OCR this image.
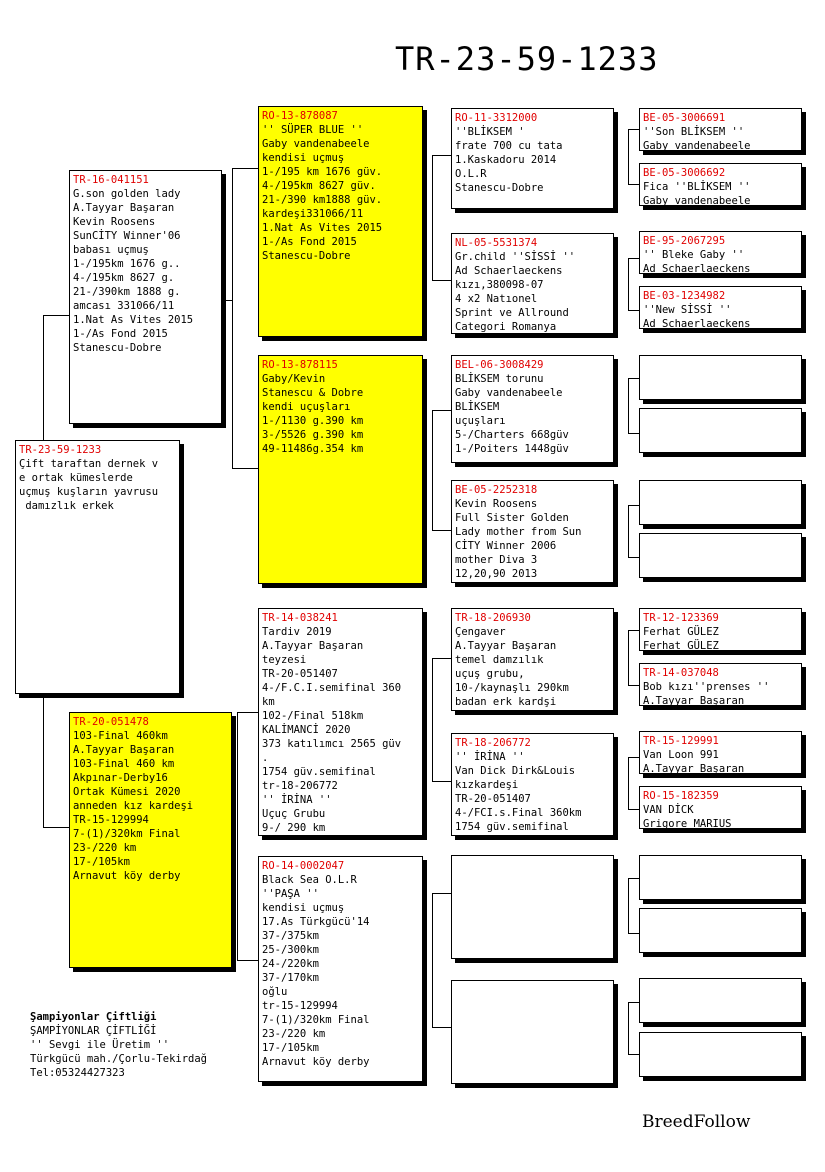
TR-23-59-1233
TR-23-59-1233
Çift taraftan dernek v
e ortak kümeslerde
uçmuş kuşların yavrusu
damızlık erkek
TR-16-041151
G.son golden lady
A.Tayyar Başaran
Kevin Roosens
SunCİTY Winner'06
babası uçmuş
1-/195km 1676 g..
4-/195km 8627 g.
21-/390km 1888 g.
amcası 331066/11
1.Nat As Vites 2015
1-/As Fond 2015
Stanescu-Dobre
TR-20-051478
103-Final 460km
A.Tayyar Başaran
103-Final 460 km
Akpınar-Derby16
Ortak Kümesi 2020
anneden kız kardeşi
TR-15-129994
7-(1)/320km Final
23-/220 km
17-/105km
Arnavut köy derby
RO-13-878087
'' SÜPER BLUE ''
Gaby vandenabeele
kendisi uçmuş
1-/195 km 1676 güv.
4-/195km 8627 güv.
21-/390 km1888 güv.
kardeşi331066/11
1.Nat As Vites 2015
1-/As Fond 2015
Stanescu-Dobre
RO-13-878115
Gaby/Kevin
Stanescu & Dobre
kendi uçuşları
1-/1130 g.390 km
3-/5526 g.390 km
49-11486g.354 km
TR-14-038241
Tardiv 2019
A.Tayyar Başaran
teyzesi
TR-20-051407
4-/F.C.I.semifinal 360
km
102-/Final 518km
KALİMANCİ 2020
373 katılımcı 2565 güv
.
1754 güv.semifinal
tr-18-206772
'' İRİNA ''
Uçuç Grubu
9-/ 290 km
RO-14-0002047
Black Sea O.L.R
''PAŞA ''
kendisi uçmuş
17.As Türkgücü'14
37-/375km
25-/300km
24-/220km
37-/170km
oğlu
tr-15-129994
7-(1)/320km Final
23-/220 km
17-/105km
Arnavut köy derby
RO-11-3312000
''BLİKSEM '
frate 700 cu tata
1.Kaskadoru 2014
O.L.R
Stanescu-Dobre
NL-05-5531374
Gr.child ''SİSSİ ''
Ad Schaerlaeckens
kızı,380098-07
4 x2 Natıonel
Sprint ve Allround
Categori Romanya
BEL-06-3008429
BLİKSEM torunu
Gaby vandenabeele
BLİKSEM
uçuşları
5-/Charters 668güv
1-/Poiters 1448güv
BE-05-2252318
Kevin Roosens
Full Sister Golden
Lady mother from Sun
CİTY Winner 2006
mother Diva 3
12,20,90 2013
TR-18-206930
Çengaver
A.Tayyar Başaran
temel damzılık
uçuş grubu,
10-/kaynaşlı 290km
badan erk kardşi
TR-18-206772
'' İRİNA ''
Van Dick Dirk&Louis
kızkardeşi
TR-20-051407
4-/FCI.s.Final 360km
1754 güv.semifinal
BE-05-3006691
''Son BLİKSEM ''
Gaby vandenabeele
BE-05-3006692
Fica ''BLİKSEM ''
Gaby vandenabeele
BE-95-2067295
'' Bleke Gaby ''
Ad Schaerlaeckens
BE-03-1234982
''New SİSSİ ''
Ad Schaerlaeckens
TR-12-123369
Ferhat GÜLEZ
Ferhat GÜLEZ
TR-14-037048
Bob kızı''prenses ''
A.Tayyar Başaran
TR-15-129991
Van Loon 991
A.Tayyar Başaran
RO-15-182359
VAN DİCK
Grigore MARIUS
Şampiyonlar Çiftliği
ŞAMPİYONLAR ÇİFTLİĞİ
'' Sevgi ile Üretim ''
Türkgücü mah./Çorlu-Tekirdağ
Tel:05324427323
BreedFollow
